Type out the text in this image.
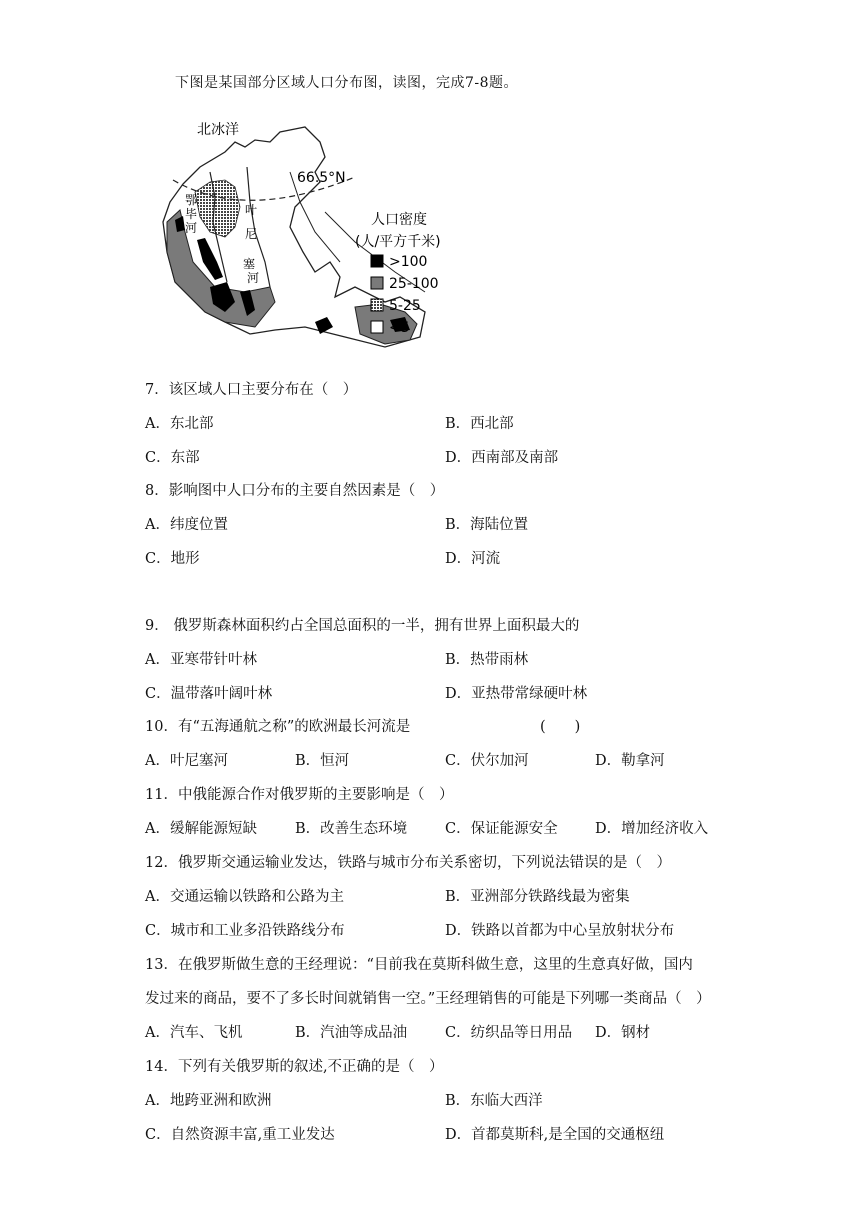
下图是某国部分区域人口分布图，读图，完成7-8题。
北冰洋
66.5°N
鄂
毕
河
叶
尼
塞
河
人口密度
(人/平方千米)
>100
25-100
5-25
<5
7．该区域人口主要分布在（　）
A．东北部	B．西北部
C．东部	D．西南部及南部
8．影响图中人口分布的主要自然因素是（　）
A．纬度位置	B．海陆位置
C．地形	D．河流
9． 俄罗斯森林面积约占全国总面积的一半，拥有世界上面积最大的
A．亚寒带针叶林	B．热带雨林
C．温带落叶阔叶林	D．亚热带常绿硬叶林
10．有“五海通航之称”的欧洲最长河流是	(　　)
A．叶尼塞河	B．恒河	C．伏尔加河	D．勒拿河
11．中俄能源合作对俄罗斯的主要影响是（　）
A．缓解能源短缺	B．改善生态环境	C．保证能源安全	D．增加经济收入
12．俄罗斯交通运输业发达，铁路与城市分布关系密切，下列说法错误的是（　）
A．交通运输以铁路和公路为主	B．亚洲部分铁路线最为密集
C．城市和工业多沿铁路线分布	D．铁路以首都为中心呈放射状分布
13．在俄罗斯做生意的王经理说：“目前我在莫斯科做生意，这里的生意真好做，国内
发过来的商品，要不了多长时间就销售一空。”王经理销售的可能是下列哪一类商品（　）
A．汽车、飞机	B．汽油等成品油	C．纺织品等日用品 D．钢材
14．下列有关俄罗斯的叙述,不正确的是（　）
A．地跨亚洲和欧洲	B．东临大西洋
C．自然资源丰富,重工业发达	D．首都莫斯科,是全国的交通枢纽
